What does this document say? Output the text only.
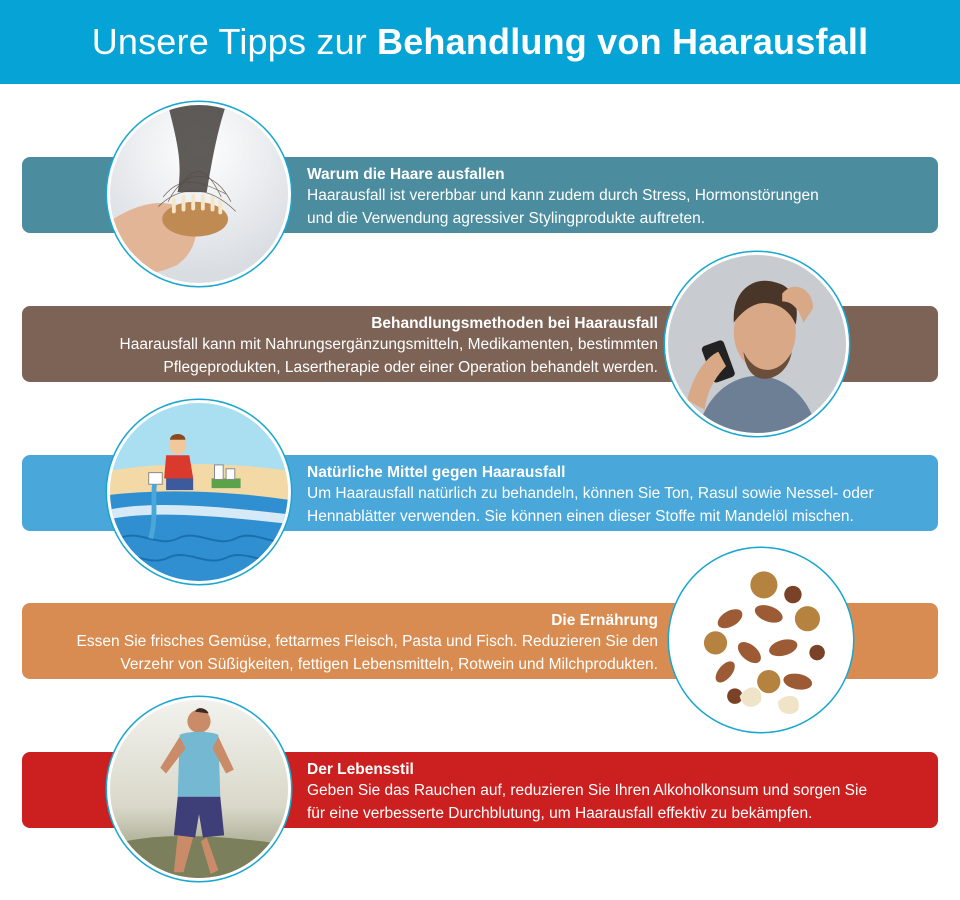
Unsere Tipps zur Behandlung von Haarausfall
Warum die Haare ausfallen
Haarausfall ist vererbbar und kann zudem durch Stress, Hormonstörungen
und die Verwendung agressiver Stylingprodukte auftreten.
Behandlungsmethoden bei Haarausfall
Haarausfall kann mit Nahrungsergänzungsmitteln, Medikamenten, bestimmten
Pflegeprodukten, Lasertherapie oder einer Operation behandelt werden.
Natürliche Mittel gegen Haarausfall
Um Haarausfall natürlich zu behandeln, können Sie Ton, Rasul sowie Nessel- oder
Hennablätter verwenden. Sie können einen dieser Stoffe mit Mandelöl mischen.
Die Ernährung
Essen Sie frisches Gemüse, fettarmes Fleisch, Pasta und Fisch. Reduzieren Sie den
Verzehr von Süßigkeiten, fettigen Lebensmitteln, Rotwein und Milchprodukten.
Der Lebensstil
Geben Sie das Rauchen auf, reduzieren Sie Ihren Alkoholkonsum und sorgen Sie
für eine verbesserte Durchblutung, um Haarausfall effektiv zu bekämpfen.
